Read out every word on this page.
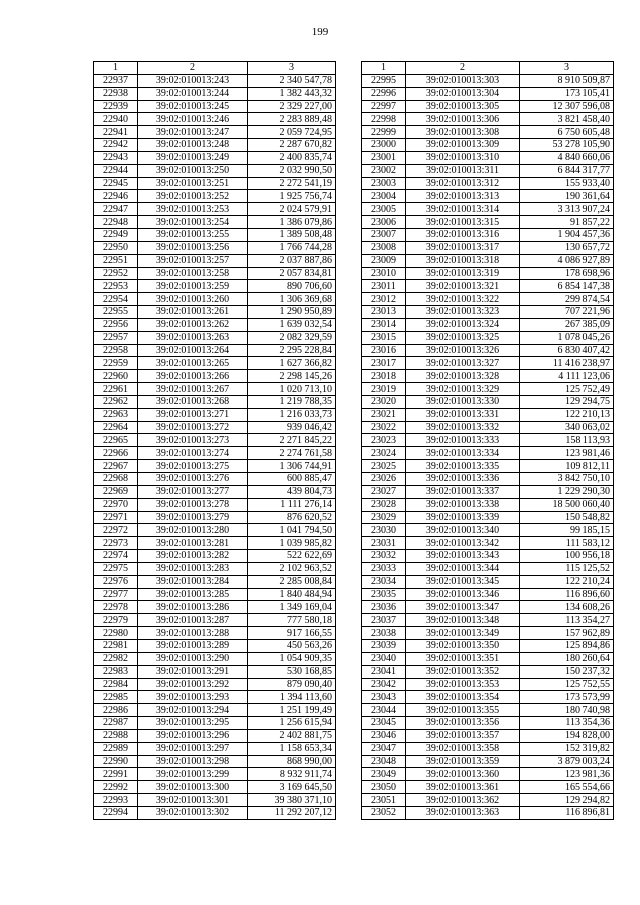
199
1	2	3
22937	39:02:010013:243	2 340 547,78
22938	39:02:010013:244	1 382 443,32
22939	39:02:010013:245	2 329 227,00
22940	39:02:010013:246	2 283 889,48
22941	39:02:010013:247	2 059 724,95
22942	39:02:010013:248	2 287 670,82
22943	39:02:010013:249	2 400 835,74
22944	39:02:010013:250	2 032 990,50
22945	39:02:010013:251	2 272 541,19
22946	39:02:010013:252	1 925 756,74
22947	39:02:010013:253	2 024 579,91
22948	39:02:010013:254	1 386 079,86
22949	39:02:010013:255	1 389 508,48
22950	39:02:010013:256	1 766 744,28
22951	39:02:010013:257	2 037 887,86
22952	39:02:010013:258	2 057 834,81
22953	39:02:010013:259	890 706,60
22954	39:02:010013:260	1 306 369,68
22955	39:02:010013:261	1 290 950,89
22956	39:02:010013:262	1 639 032,54
22957	39:02:010013:263	2 082 329,59
22958	39:02:010013:264	2 295 228,84
22959	39:02:010013:265	1 627 366,82
22960	39:02:010013:266	2 298 145,26
22961	39:02:010013:267	1 020 713,10
22962	39:02:010013:268	1 219 788,35
22963	39:02:010013:271	1 216 033,73
22964	39:02:010013:272	939 046,42
22965	39:02:010013:273	2 271 845,22
22966	39:02:010013:274	2 274 761,58
22967	39:02:010013:275	1 306 744,91
22968	39:02:010013:276	600 885,47
22969	39:02:010013:277	439 804,73
22970	39:02:010013:278	1 111 276,14
22971	39:02:010013:279	876 620,52
22972	39:02:010013:280	1 041 794,50
22973	39:02:010013:281	1 039 985,82
22974	39:02:010013:282	522 622,69
22975	39:02:010013:283	2 102 963,52
22976	39:02:010013:284	2 285 008,84
22977	39:02:010013:285	1 840 484,94
22978	39:02:010013:286	1 349 169,04
22979	39:02:010013:287	777 580,18
22980	39:02:010013:288	917 166,55
22981	39:02:010013:289	450 563,26
22982	39:02:010013:290	1 054 909,35
22983	39:02:010013:291	530 168,85
22984	39:02:010013:292	879 090,40
22985	39:02:010013:293	1 394 113,60
22986	39:02:010013:294	1 251 199,49
22987	39:02:010013:295	1 256 615,94
22988	39:02:010013:296	2 402 881,75
22989	39:02:010013:297	1 158 653,34
22990	39:02:010013:298	868 990,00
22991	39:02:010013:299	8 932 911,74
22992	39:02:010013:300	3 169 645,50
22993	39:02:010013:301	39 380 371,10
22994	39:02:010013:302	11 292 207,12
1	2	3
22995	39:02:010013:303	8 910 509,87
22996	39:02:010013:304	173 105,41
22997	39:02:010013:305	12 307 596,08
22998	39:02:010013:306	3 821 458,40
22999	39:02:010013:308	6 750 605,48
23000	39:02:010013:309	53 278 105,90
23001	39:02:010013:310	4 840 660,06
23002	39:02:010013:311	6 844 317,77
23003	39:02:010013:312	155 933,40
23004	39:02:010013:313	190 361,64
23005	39:02:010013:314	3 313 907,24
23006	39:02:010013:315	91 857,22
23007	39:02:010013:316	1 904 457,36
23008	39:02:010013:317	130 657,72
23009	39:02:010013:318	4 086 927,89
23010	39:02:010013:319	178 698,96
23011	39:02:010013:321	6 854 147,38
23012	39:02:010013:322	299 874,54
23013	39:02:010013:323	707 221,96
23014	39:02:010013:324	267 385,09
23015	39:02:010013:325	1 078 045,26
23016	39:02:010013:326	6 830 407,42
23017	39:02:010013:327	11 416 238,97
23018	39:02:010013:328	4 111 123,06
23019	39:02:010013:329	125 752,49
23020	39:02:010013:330	129 294,75
23021	39:02:010013:331	122 210,13
23022	39:02:010013:332	340 063,02
23023	39:02:010013:333	158 113,93
23024	39:02:010013:334	123 981,46
23025	39:02:010013:335	109 812,11
23026	39:02:010013:336	3 842 750,10
23027	39:02:010013:337	1 229 290,30
23028	39:02:010013:338	18 500 060,40
23029	39:02:010013:339	150 548,82
23030	39:02:010013:340	99 185,15
23031	39:02:010013:342	111 583,12
23032	39:02:010013:343	100 956,18
23033	39:02:010013:344	115 125,52
23034	39:02:010013:345	122 210,24
23035	39:02:010013:346	116 896,60
23036	39:02:010013:347	134 608,26
23037	39:02:010013:348	113 354,27
23038	39:02:010013:349	157 962,89
23039	39:02:010013:350	125 894,86
23040	39:02:010013:351	180 260,64
23041	39:02:010013:352	150 237,32
23042	39:02:010013:353	125 752,55
23043	39:02:010013:354	173 573,99
23044	39:02:010013:355	180 740,98
23045	39:02:010013:356	113 354,36
23046	39:02:010013:357	194 828,00
23047	39:02:010013:358	152 319,82
23048	39:02:010013:359	3 879 003,24
23049	39:02:010013:360	123 981,36
23050	39:02:010013:361	165 554,66
23051	39:02:010013:362	129 294,82
23052	39:02:010013:363	116 896,81
